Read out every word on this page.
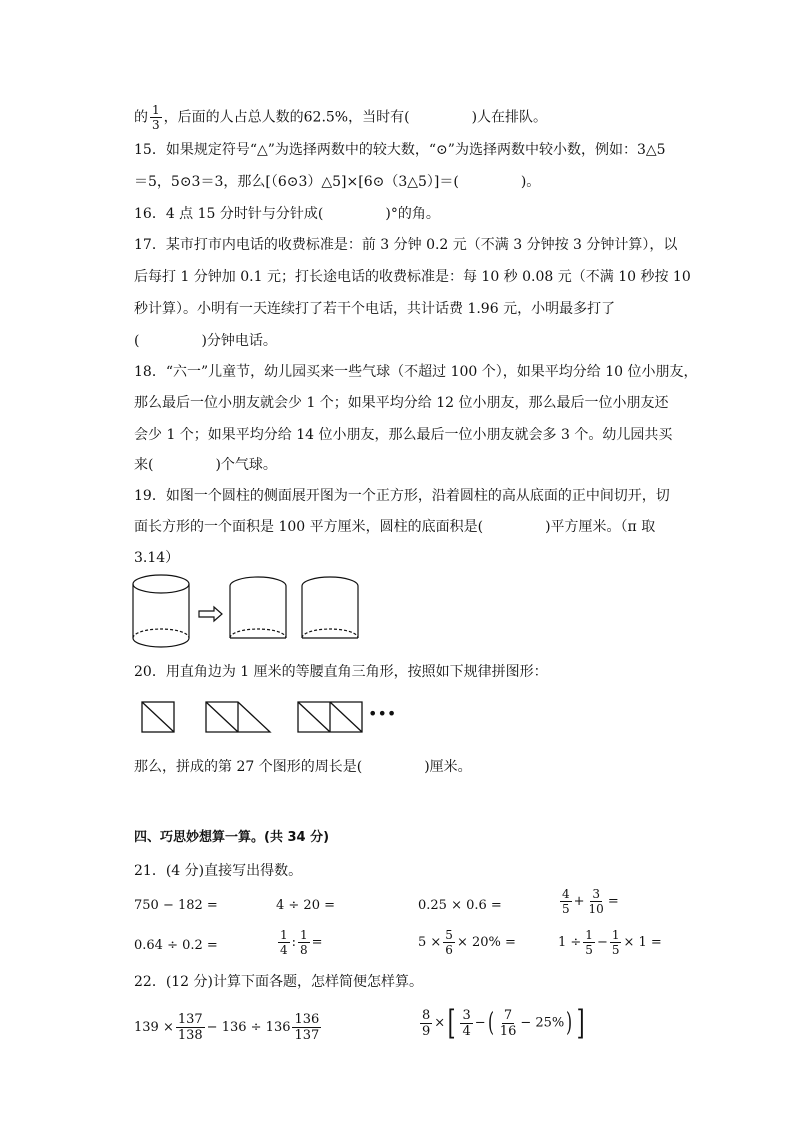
的 $\frac{1}{3}$ ，后面的人占总人数的62.5%，当时有(	)人在排队。
15．如果规定符号“△”为选择两数中的较大数，“⊙”为选择两数中较小数，例如：3△5
＝5，5⊙3＝3，那么[（6⊙3）△5]×[6⊙（3△5）]＝(	)。
16．4 点 15 分时针与分针成(	)°的角。
17．某市打市内电话的收费标准是：前 3 分钟 0.2 元（不满 3 分钟按 3 分钟计算），以
后每打 1 分钟加 0.1 元；打长途电话的收费标准是：每 10 秒 0.08 元（不满 10 秒按 10
秒计算）。小明有一天连续打了若干个电话，共计话费 1.96 元，小明最多打了
(	)分钟电话。
18．“六一”儿童节，幼儿园买来一些气球（不超过 100 个），如果平均分给 10 位小朋友，
那么最后一位小朋友就会少 1 个；如果平均分给 12 位小朋友，那么最后一位小朋友还
会少 1 个；如果平均分给 14 位小朋友，那么最后一位小朋友就会多 3 个。幼儿园共买
来(	)个气球。
19．如图一个圆柱的侧面展开图为一个正方形，沿着圆柱的高从底面的正中间切开，切
面长方形的一个面积是 100 平方厘米，圆柱的底面积是(	)平方厘米。（π 取
3.14）
20．用直角边为 1 厘米的等腰直角三角形，按照如下规律拼图形：
•••
那么，拼成的第 27 个图形的周长是(	)厘米。
四、巧思妙想算一算。(共 34 分)
21．(4 分)直接写出得数。
750 − 182 =	4 ÷ 20 =	0.25 × 0.6 =	$\frac{4}{5} + \frac{3}{10}$ =
0.64 ÷ 0.2 =	$\frac{1}{4}$ : $\frac{1}{8}$ =	$5 \times \frac{5}{6} \times 20\%$ =	$1 \div \frac{1}{5} - \frac{1}{5} \times 1$ =
22．(12 分)计算下面各题，怎样简便怎样算。
$139 \times \frac{137}{138} - 136 \div 136 \frac{136}{137}$	$\frac{8}{9}$ ×[ $\frac{3}{4}$ −( $\frac{7}{16} - 25\%$) ]
